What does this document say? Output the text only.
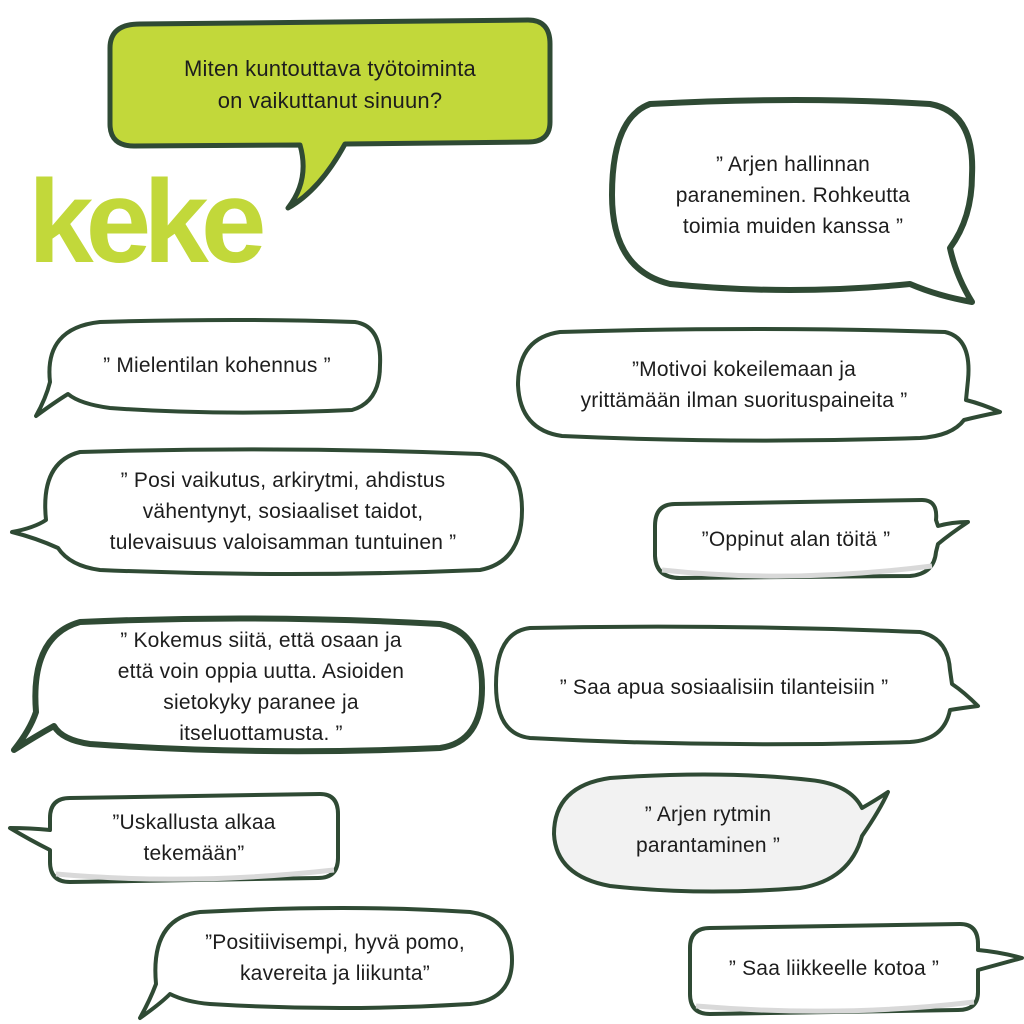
keke
Miten kuntouttava työtoiminta
on vaikuttanut sinuun?
” Arjen hallinnan
paraneminen. Rohkeutta
toimia muiden kanssa ”
” Mielentilan kohennus ”	”Motivoi kokeilemaan ja
yrittämään ilman suorituspaineita ”
” Posi vaikutus, arkirytmi, ahdistus
vähentynyt, sosiaaliset taidot,
tulevaisuus valoisamman tuntuinen ”	”Oppinut alan töitä ”
” Kokemus siitä, että osaan ja
että voin oppia uutta. Asioiden
sietokyky paranee ja
itseluottamusta. ”
” Saa apua sosiaalisiin tilanteisiin ”
”Uskallusta alkaa
tekemään”
” Arjen rytmin
parantaminen ”
”Positiivisempi, hyvä pomo,
kavereita ja liikunta”	” Saa liikkeelle kotoa ”
